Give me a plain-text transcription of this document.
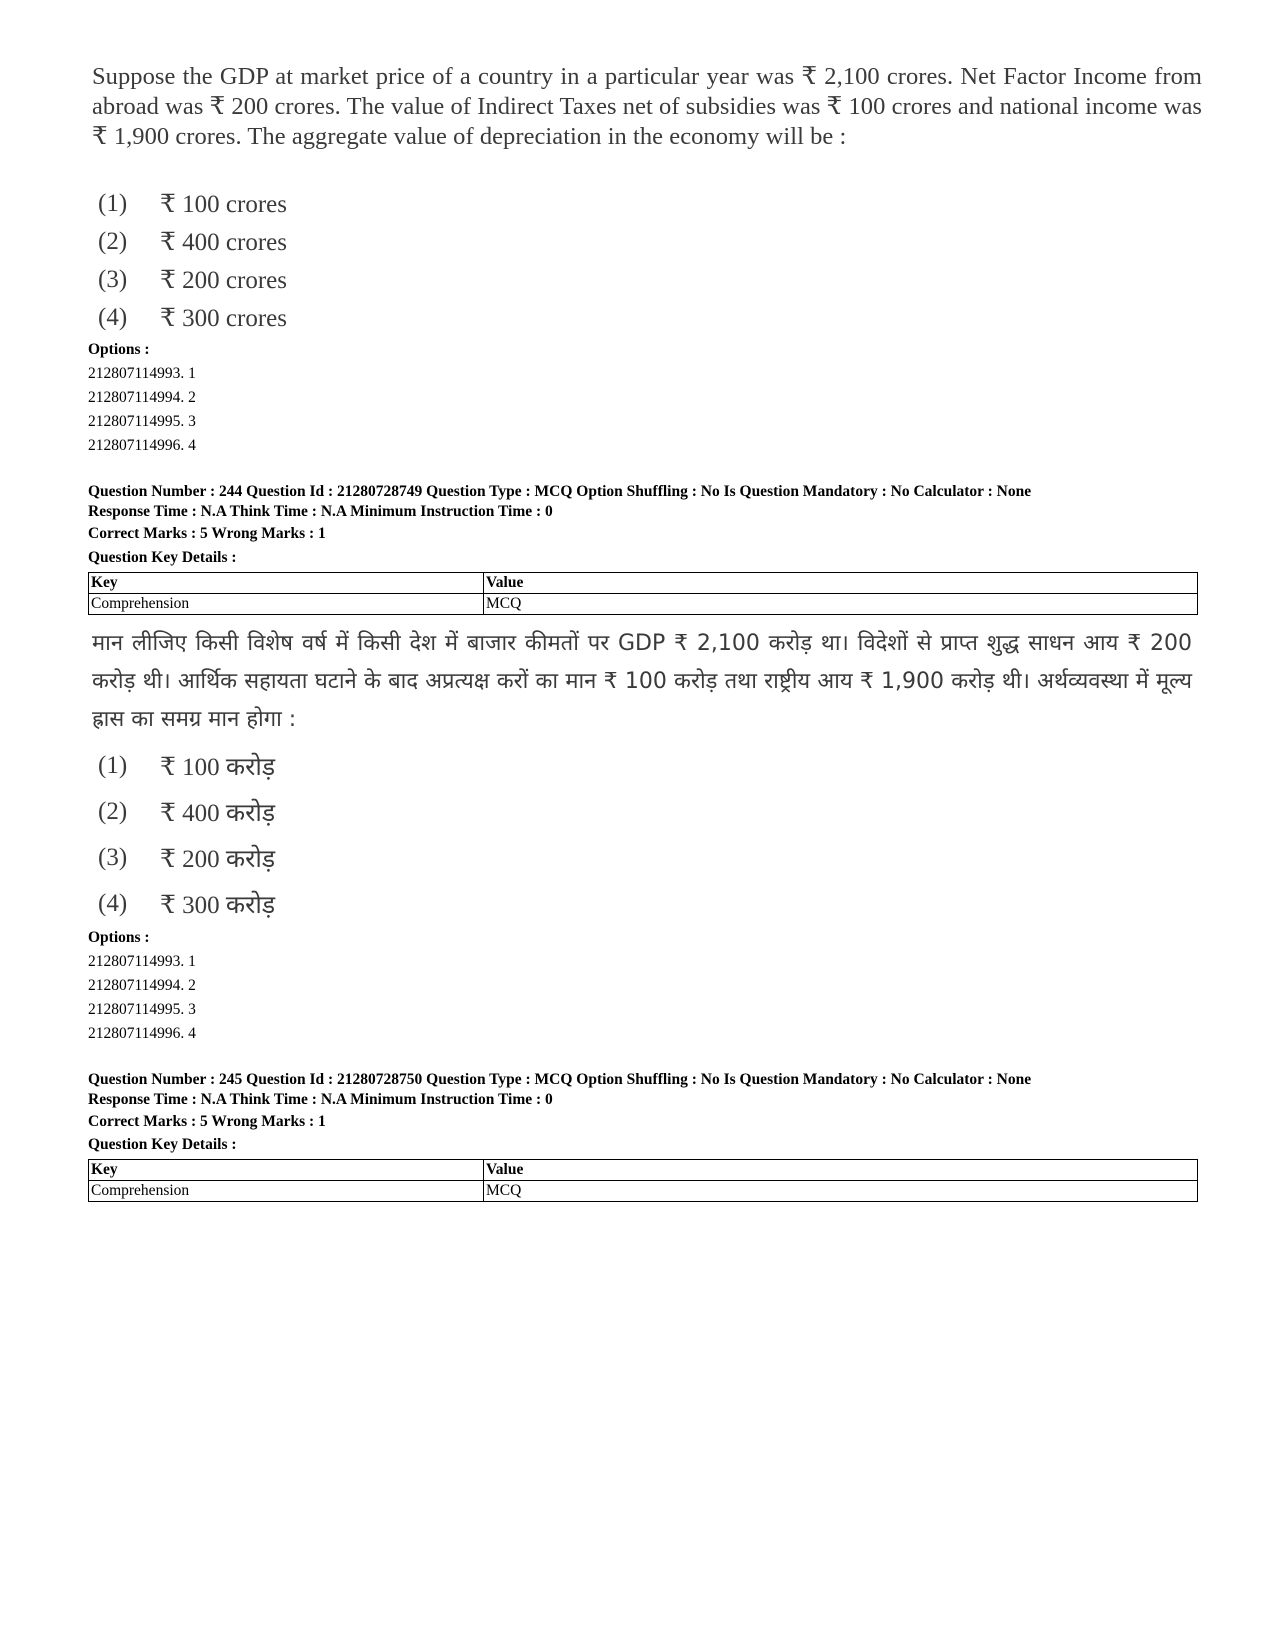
Suppose the GDP at market price of a country in a particular year was ₹ 2,100 crores. Net Factor Income from abroad was ₹ 200 crores. The value of Indirect Taxes net of subsidies was ₹ 100 crores and national income was ₹ 1,900 crores. The aggregate value of depreciation in the economy will be :

(1)	₹ 100 crores
(2)	₹ 400 crores
(3)	₹ 200 crores
(4)	₹ 300 crores
Options :
212807114993. 1
212807114994. 2
212807114995. 3
212807114996. 4
Question Number : 244 Question Id : 21280728749 Question Type : MCQ Option Shuffling : No Is Question Mandatory : No Calculator : None
Response Time : N.A Think Time : N.A Minimum Instruction Time : 0
Correct Marks : 5 Wrong Marks : 1
Question Key Details :
Key	Value
Comprehension	MCQ

मान लीजिए किसी विशेष वर्ष में किसी देश में बाजार कीमतों पर GDP ₹ 2,100 करोड़ था। विदेशों से प्राप्त शुद्ध साधन आय ₹ 200 करोड़ थी। आर्थिक सहायता घटाने के बाद अप्रत्यक्ष करों का मान ₹ 100 करोड़ तथा राष्ट्रीय आय ₹ 1,900 करोड़ थी। अर्थव्यवस्था में मूल्य ह्रास का समग्र मान होगा :

(1)	₹ 100 करोड़
(2)	₹ 400 करोड़
(3)	₹ 200 करोड़
(4)	₹ 300 करोड़
Options :
212807114993. 1
212807114994. 2
212807114995. 3
212807114996. 4
Question Number : 245 Question Id : 21280728750 Question Type : MCQ Option Shuffling : No Is Question Mandatory : No Calculator : None
Response Time : N.A Think Time : N.A Minimum Instruction Time : 0
Correct Marks : 5 Wrong Marks : 1
Question Key Details :
Key	Value
Comprehension	MCQ
